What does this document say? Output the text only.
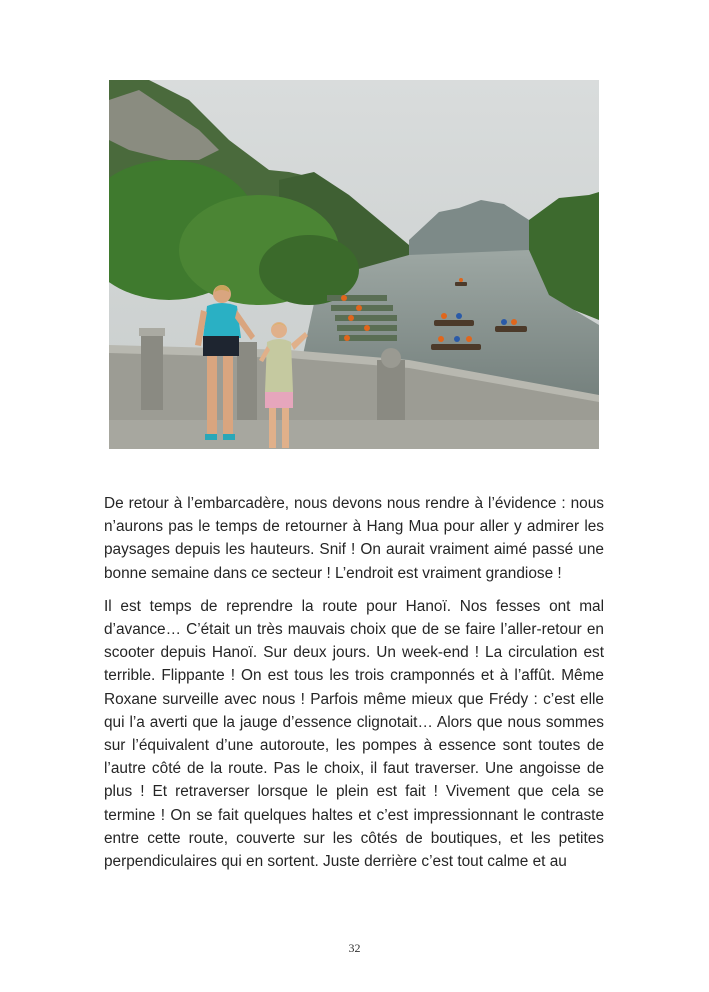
De retour à l’embarcadère, nous devons nous rendre à l’évidence : nous n’aurons pas le temps de retourner à Hang Mua pour aller y admirer les paysages depuis les hauteurs. Snif ! On aurait vraiment aimé passé une bonne semaine dans ce secteur ! L’endroit est vraiment grandiose !

Il est temps de reprendre la route pour Hanoï. Nos fesses ont mal d’avance… C’était un très mauvais choix que de se faire l’aller-retour en scooter depuis Hanoï. Sur deux jours. Un week-end ! La circulation est terrible. Flippante ! On est tous les trois cramponnés et à l’affût. Même Roxane surveille avec nous ! Parfois même mieux que Frédy : c’est elle qui l’a averti que la jauge d’essence clignotait… Alors que nous sommes sur l’équivalent d’une autoroute, les pompes à essence sont toutes de l’autre côté de la route. Pas le choix, il faut traverser. Une angoisse de plus ! Et retraverser lorsque le plein est fait ! Vivement que cela se termine ! On se fait quelques haltes et c’est impressionnant le contraste entre cette route, couverte sur les côtés de boutiques, et les petites perpendiculaires qui en sortent. Juste derrière c’est tout calme et au

32
